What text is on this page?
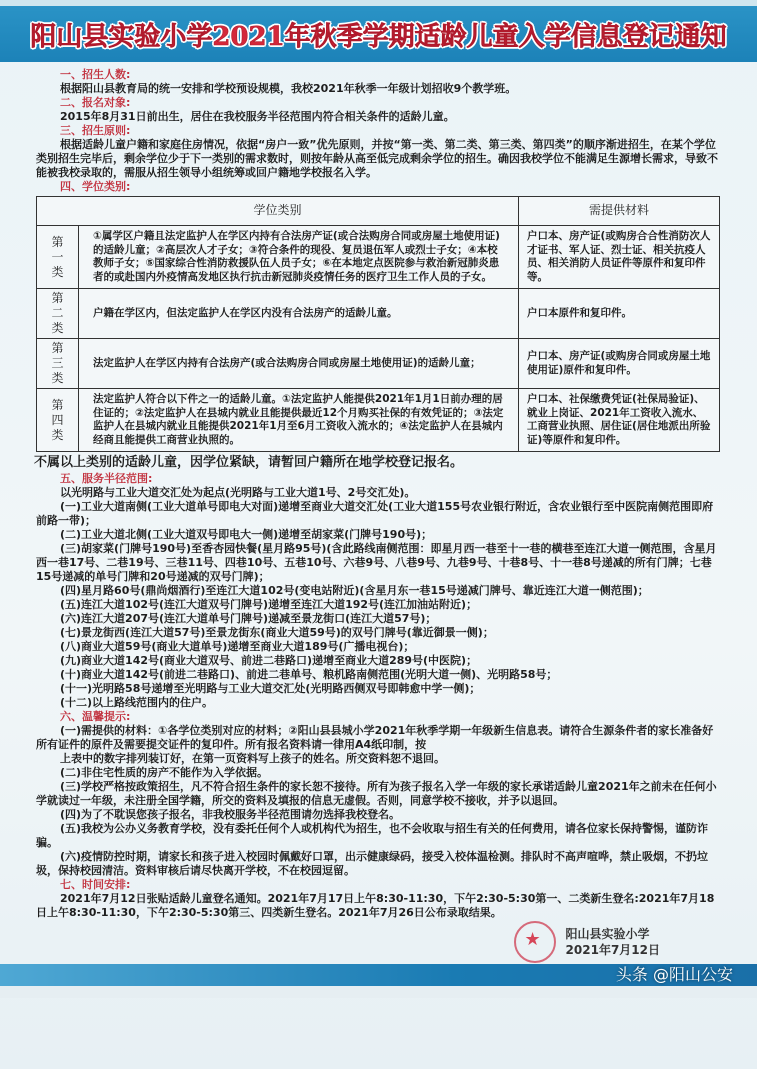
阳山县实验小学2021年秋季学期适龄儿童入学信息登记通知
一、招生人数:
根据阳山县教育局的统一安排和学校预设规模，我校2021年秋季一年级计划招收9个教学班。
二、报名对象:
2015年8月31日前出生，居住在我校服务半径范围内符合相关条件的适龄儿童。
三、招生原则:
根据适龄儿童户籍和家庭住房情况，依据“房户一致”优先原则，并按“第一类、第二类、第三类、第四类”的顺序渐进招生，在某个学位类别招生完毕后，剩余学位少于下一类别的需求数时，则按年龄从高至低完成剩余学位的招生。确因我校学位不能满足生源增长需求，导致不能被我校录取的，需服从招生领导小组统筹或回户籍地学校报名入学。
四、学位类别:
学位类别		需提供材料

第
一
类	①属学区户籍且法定监护人在学区内持有合法房产证(或合法购房合同或房屋土地使用证)的适龄儿童；②高层次人才子女；③符合条件的现役、复员退伍军人或烈士子女；④本校教师子女；⑤国家综合性消防救援队伍人员子女；⑥在本地定点医院参与救治新冠肺炎患者的或赴国内外疫情高发地区执行抗击新冠肺炎疫情任务的医疗卫生工作人员的子女。	户口本、房产证(或购房合合性消防次人才证书、军人证、烈士证、相关抗疫人员、相关消防人员证件等原件和复印件等。

第
二
类	户籍在学区内，但法定监护人在学区内没有合法房产的适龄儿童。	户口本原件和复印件。

第
三
类	法定监护人在学区内持有合法房产(或合法购房合同或房屋土地使用证)的适龄儿童；	户口本、房产证(或购房合同或房屋土地使用证)原件和复印件。

第
四
类	法定监护人符合以下件之一的适龄儿童。①法定监护人能提供2021年1月1日前办理的居住证的；②法定监护人在县城内就业且能提供最近12个月购买社保的有效凭证的；③法定监护人在县城内就业且能提供2021年1月至6月工资收入流水的；④法定监护人在县城内经商且能提供工商营业执照的。	户口本、社保缴费凭证(社保局验证)、就业上岗证、2021年工资收入流水、工商营业执照、居住证(居住地派出所验证)等原件和复印件。
不属以上类别的适龄儿童，因学位紧缺，请暂回户籍所在地学校登记报名。
五、服务半径范围:
以光明路与工业大道交汇处为起点(光明路与工业大道1号、2号交汇处)。
(一)工业大道南侧(工业大道单号即电大对面)递增至商业大道交汇处(工业大道155号农业银行附近，含农业银行至中医院南侧范围即府前路一带)；
(二)工业大道北侧(工业大道双号即电大一侧)递增至胡家菜(门牌号190号)；
(三)胡家菜(门牌号190号)至香杏园快餐(星月路95号)(含此路线南侧范围：即星月西一巷至十一巷的横巷至连江大道一侧范围，含星月西一巷17号、二巷19号、三巷11号、四巷10号、五巷10号、六巷9号、八巷9号、九巷9号、十巷8号、十一巷8号递减的所有门牌；七巷15号递减的单号门牌和20号递减的双号门牌)；
(四)星月路60号(鼎尚烟酒行)至连江大道102号(变电站附近)(含星月东一巷15号递减门牌号、靠近连江大道一侧范围)；
(五)连江大道102号(连江大道双号门牌号)递增至连江大道192号(连江加油站附近)；
(六)连江大道207号(连江大道单号门牌号)递减至景龙街口(连江大道57号)；
(七)景龙街西(连江大道57号)至景龙街东(商业大道59号)的双号门牌号(靠近御景一侧)；
(八)商业大道59号(商业大道单号)递增至商业大道189号(广播电视台)；
(九)商业大道142号(商业大道双号、前进二巷路口)递增至商业大道289号(中医院)；
(十)商业大道142号(前进二巷路口)、前进二巷单号、粮机路南侧范围(光明大道一侧)、光明路58号；
(十一)光明路58号递增至光明路与工业大道交汇处(光明路西侧双号即韩愈中学一侧)；
(十二)以上路线范围内的住户。
六、温馨提示:
(一)需提供的材料：①各学位类别对应的材料；②阳山县县城小学2021年秋季学期一年级新生信息表。请符合生源条件者的家长准备好所有证件的原件及需要提交证件的复印件。所有报名资料请一律用A4纸印制，按
上表中的数字排列装订好，在第一页资料写上孩子的姓名。所交资料恕不退回。
(二)非住宅性质的房产不能作为入学依据。
(三)学校严格按政策招生，凡不符合招生条件的家长恕不接待。所有为孩子报名入学一年级的家长承诺适龄儿童2021年之前未在任何小学就读过一年级，未注册全国学籍，所交的资料及填报的信息无虚假。否则，同意学校不接收，并予以退回。
(四)为了不耽误您孩子报名，非我校服务半径范围请勿选择我校登名。
(五)我校为公办义务教育学校，没有委托任何个人或机构代为招生，也不会收取与招生有关的任何费用，请各位家长保持警惕，谨防诈骗。
(六)疫情防控时期，请家长和孩子进入校园时佩戴好口罩，出示健康绿码，接受入校体温检测。排队时不高声喧哗，禁止吸烟，不扔垃圾，保持校园清洁。资料审核后请尽快离开学校，不在校园逗留。
七、时间安排:
2021年7月12日张贴适龄儿童登名通知。2021年7月17日上午8:30-11:30，下午2:30-5:30第一、二类新生登名:2021年7月18日上午8:30-11:30，下午2:30-5:30第三、四类新生登名。2021年7月26日公布录取结果。
★ 阳山县实验小学
2021年7月12日
头条 @阳山公安
